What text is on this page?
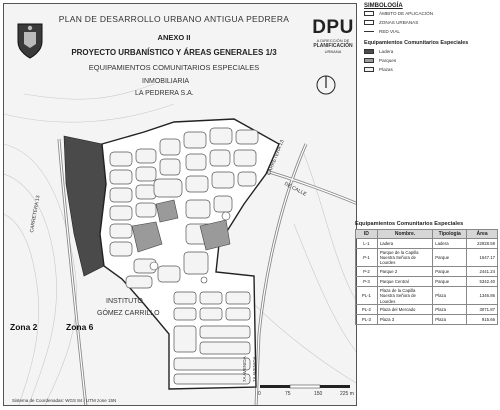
PLAN DE DESARROLLO URBANO ANTIGUA PEDRERA
ANEXO II
PROYECTO URBANÍSTICO Y ÁREAS GENERALES 1/3
EQUIPAMIENTOS COMUNITARIOS ESPECIALES
DPU
A DIRECCIÓN DE
PLANIFICACIÓN
URBANA
INMOBILIARIA
LA PEDRERA S.A.
INSTITUTO
GÓMEZ CARRILLO
CARRETERA 13
CARRETERA 13
DE CALLE
7A AVENIDA 7A AVENIDA
Zona 2	Zona 6
0	75	150	225 m
Sistema de Coordenadas: WGS 84 / UTM zone 15N
SIMBOLOGÍA
ÁMBITO DE APLICACIÓN
ZONAS URBANAS
RED VIAL
Equipamientos Comunitarios Especiales
Ladera
Parques
Plazas
Equipamientos Comunitarios Especiales
ID	Nombre.	Tipología	Área
L-1	Ladera	Ladera	22928.59
P-1	Parque de la Capilla Nuestra Señora de Lourdes	Parque	1647.17
P-2	Parque 2	Parque	2441.24
P-3	Parque Central	Parque	5342.40
PL-1	Plaza de la Capilla Nuestra Señora de Lourdes	Plaza	1346.86
PL-2	Plaza del Mercado	Plaza	3071.87
PL-3	Plaza 3	Plaza	915.66
